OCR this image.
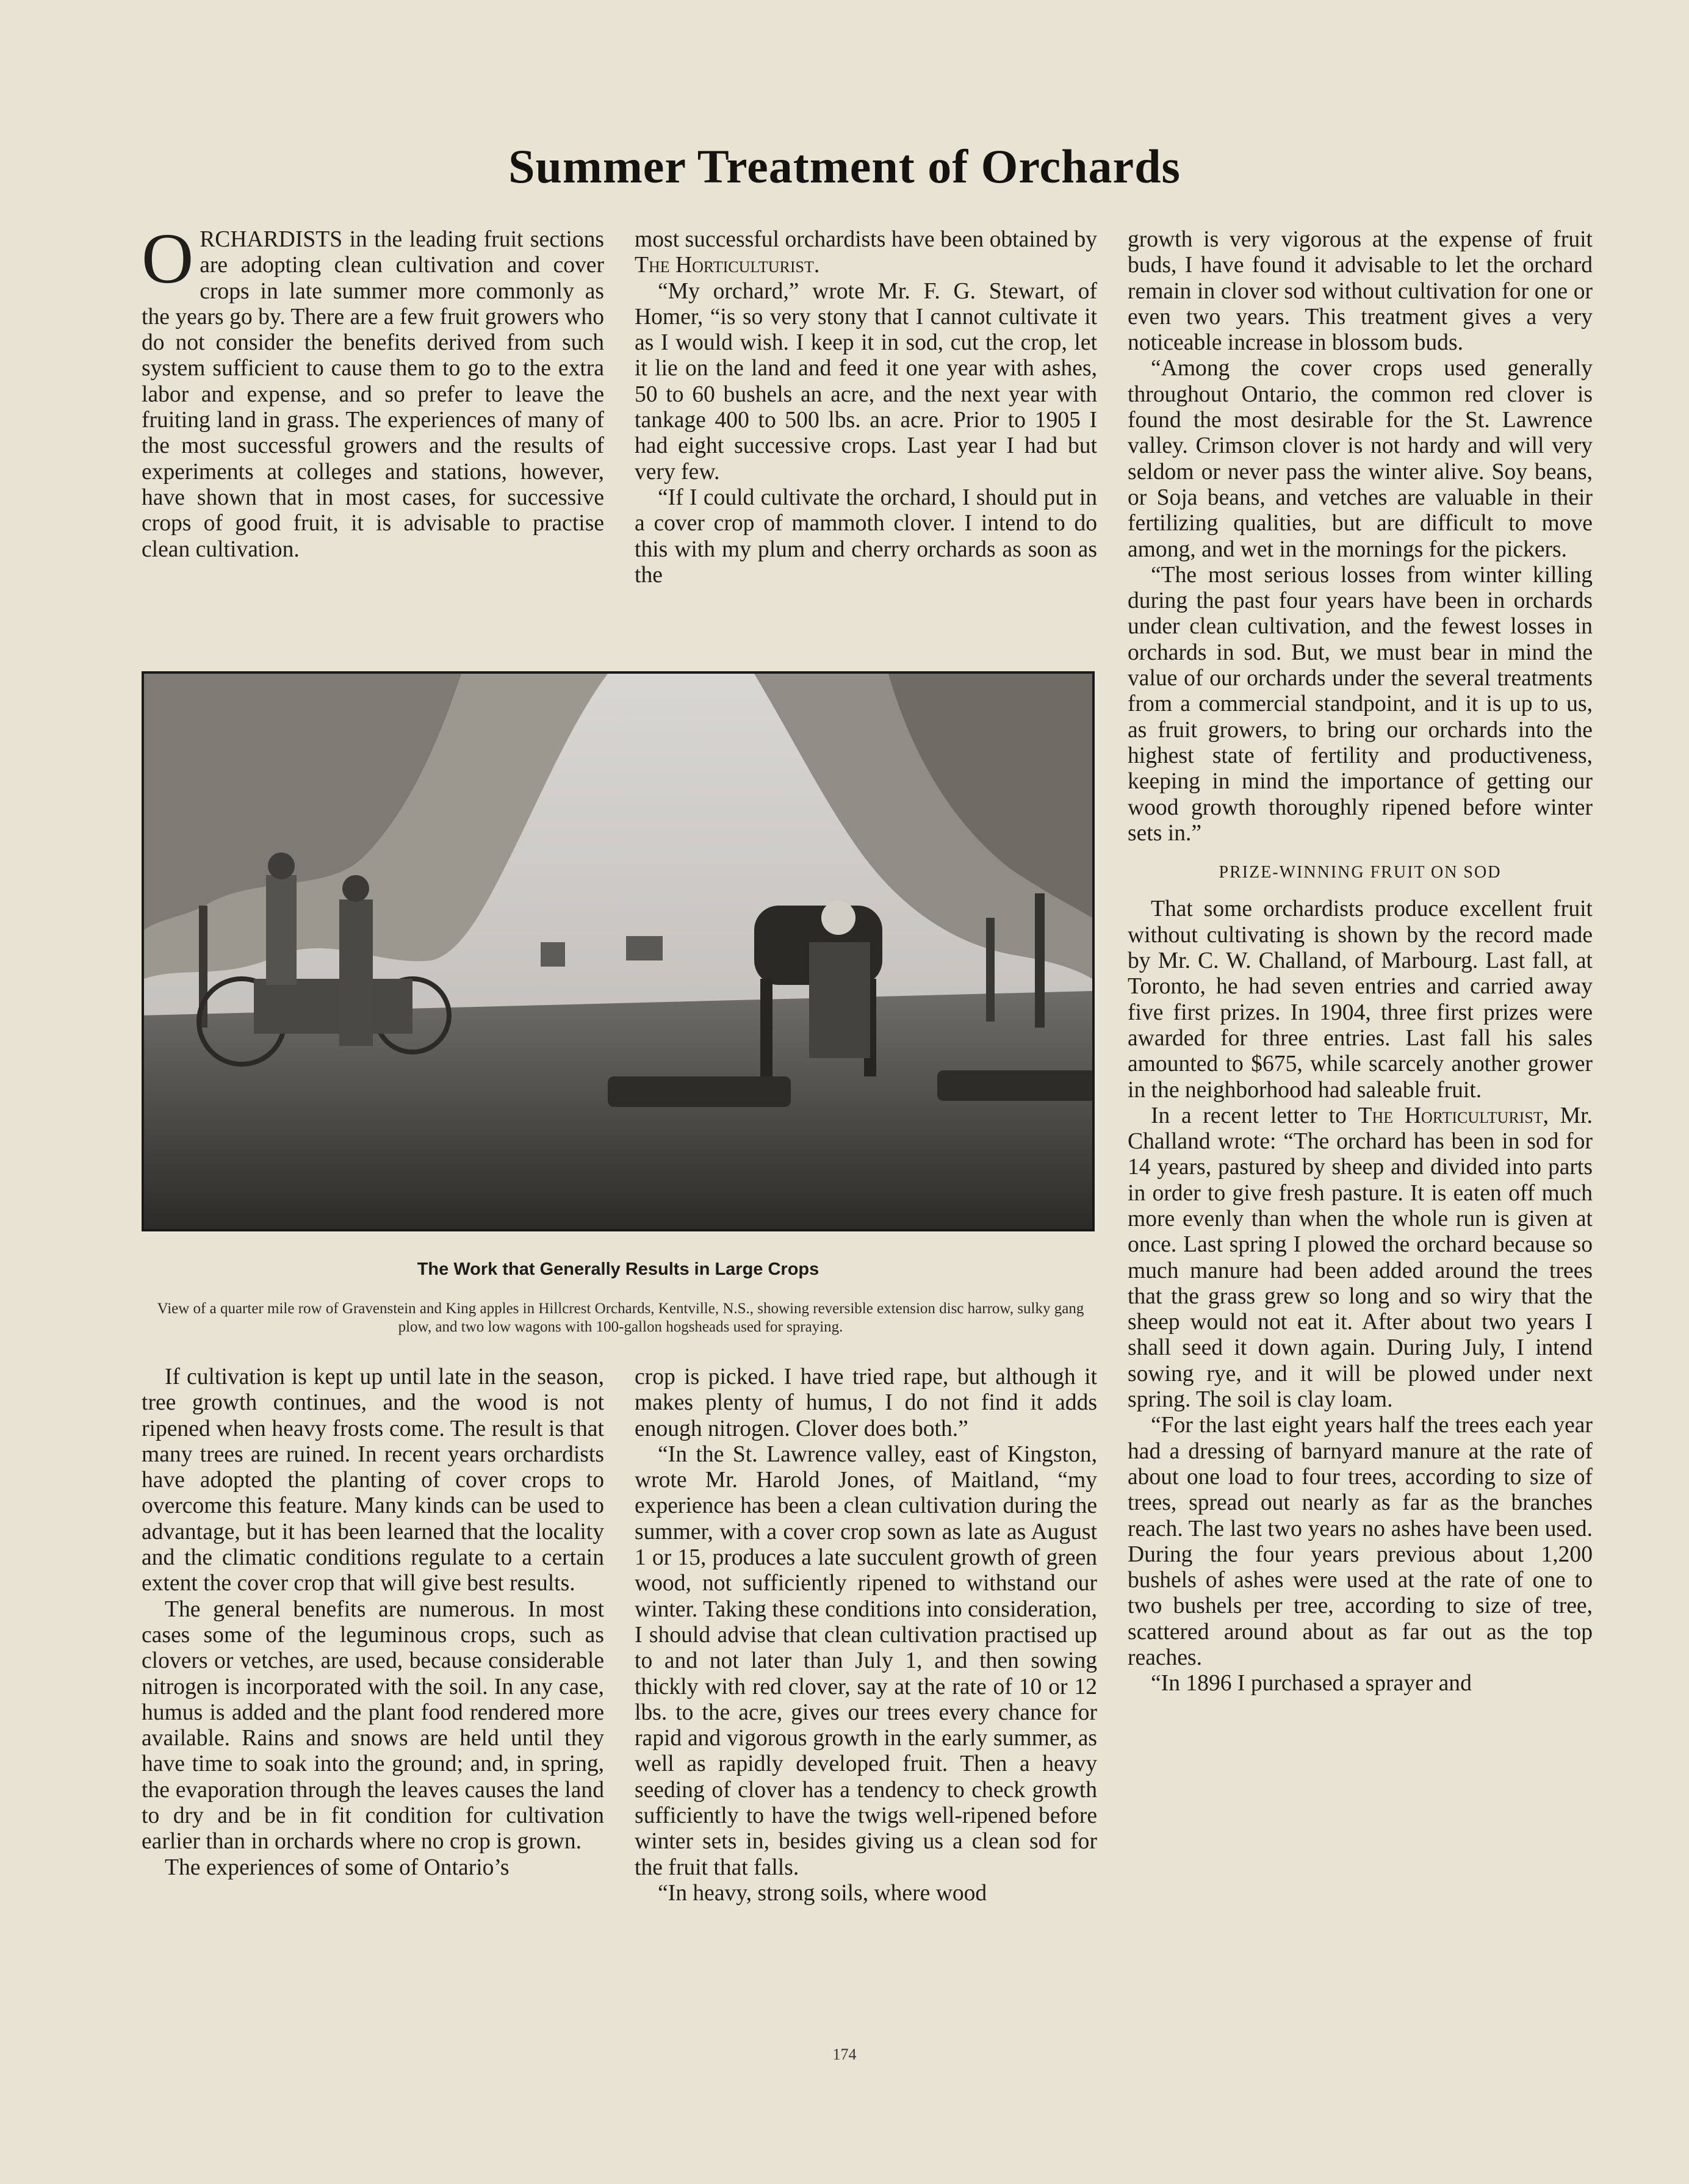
Summer Treatment of Orchards

ORCHARDISTS in the leading fruit sections are adopting clean cultivation and cover crops in late summer more commonly as the years go by. There are a few fruit growers who do not consider the benefits derived from such system sufficient to cause them to go to the extra labor and expense, and so prefer to leave the fruiting land in grass. The experiences of many of the most successful growers and the results of experiments at colleges and stations, however, have shown that in most cases, for successive crops of good fruit, it is advisable to practise clean cultivation.

most successful orchardists have been obtained by The Horticulturist.

“My orchard,” wrote Mr. F. G. Stewart, of Homer, “is so very stony that I cannot cultivate it as I would wish. I keep it in sod, cut the crop, let it lie on the land and feed it one year with ashes, 50 to 60 bushels an acre, and the next year with tankage 400 to 500 lbs. an acre. Prior to 1905 I had eight successive crops. Last year I had but very few.

“If I could cultivate the orchard, I should put in a cover crop of mammoth clover. I intend to do this with my plum and cherry orchards as soon as the

growth is very vigorous at the expense of fruit buds, I have found it advisable to let the orchard remain in clover sod without cultivation for one or even two years. This treatment gives a very noticeable increase in blossom buds.

“Among the cover crops used generally throughout Ontario, the common red clover is found the most desirable for the St. Lawrence valley. Crimson clover is not hardy and will very seldom or never pass the winter alive. Soy beans, or Soja beans, and vetches are valuable in their fertilizing qualities, but are difficult to move among, and wet in the mornings for the pickers.

“The most serious losses from winter killing during the past four years have been in orchards under clean cultivation, and the fewest losses in orchards in sod. But, we must bear in mind the value of our orchards under the several treatments from a commercial standpoint, and it is up to us, as fruit growers, to bring our orchards into the highest state of fertility and productiveness, keeping in mind the importance of getting our wood growth thoroughly ripened before winter sets in.”

PRIZE-WINNING FRUIT ON SOD

That some orchardists produce excellent fruit without cultivating is shown by the record made by Mr. C. W. Challand, of Marbourg. Last fall, at Toronto, he had seven entries and carried away five first prizes. In 1904, three first prizes were awarded for three entries. Last fall his sales amounted to $675, while scarcely another grower in the neighborhood had saleable fruit.

In a recent letter to The Horticulturist, Mr. Challand wrote: “The orchard has been in sod for 14 years, pastured by sheep and divided into parts in order to give fresh pasture. It is eaten off much more evenly than when the whole run is given at once. Last spring I plowed the orchard because so much manure had been added around the trees that the grass grew so long and so wiry that the sheep would not eat it. After about two years I shall seed it down again. During July, I intend sowing rye, and it will be plowed under next spring. The soil is clay loam.

“For the last eight years half the trees each year had a dressing of barnyard manure at the rate of about one load to four trees, according to size of trees, spread out nearly as far as the branches reach. The last two years no ashes have been used. During the four years previous about 1,200 bushels of ashes were used at the rate of one to two bushels per tree, according to size of tree, scattered around about as far out as the top reaches.

“In 1896 I purchased a sprayer and

The Work that Generally Results in Large Crops
View of a quarter mile row of Gravenstein and King apples in Hillcrest Orchards, Kentville, N.S., showing reversible extension disc harrow, sulky gang plow, and two low wagons with 100-gallon hogsheads used for spraying.

If cultivation is kept up until late in the season, tree growth continues, and the wood is not ripened when heavy frosts come. The result is that many trees are ruined. In recent years orchardists have adopted the planting of cover crops to overcome this feature. Many kinds can be used to advantage, but it has been learned that the locality and the climatic conditions regulate to a certain extent the cover crop that will give best results.

The general benefits are numerous. In most cases some of the leguminous crops, such as clovers or vetches, are used, because considerable nitrogen is incorporated with the soil. In any case, humus is added and the plant food rendered more available. Rains and snows are held until they have time to soak into the ground; and, in spring, the evaporation through the leaves causes the land to dry and be in fit condition for cultivation earlier than in orchards where no crop is grown.

The experiences of some of Ontario’s

crop is picked. I have tried rape, but although it makes plenty of humus, I do not find it adds enough nitrogen. Clover does both.”

“In the St. Lawrence valley, east of Kingston, wrote Mr. Harold Jones, of Maitland, “my experience has been a clean cultivation during the summer, with a cover crop sown as late as August 1 or 15, produces a late succulent growth of green wood, not sufficiently ripened to withstand our winter. Taking these conditions into consideration, I should advise that clean cultivation practised up to and not later than July 1, and then sowing thickly with red clover, say at the rate of 10 or 12 lbs. to the acre, gives our trees every chance for rapid and vigorous growth in the early summer, as well as rapidly developed fruit. Then a heavy seeding of clover has a tendency to check growth sufficiently to have the twigs well-ripened before winter sets in, besides giving us a clean sod for the fruit that falls.

“In heavy, strong soils, where wood

174
